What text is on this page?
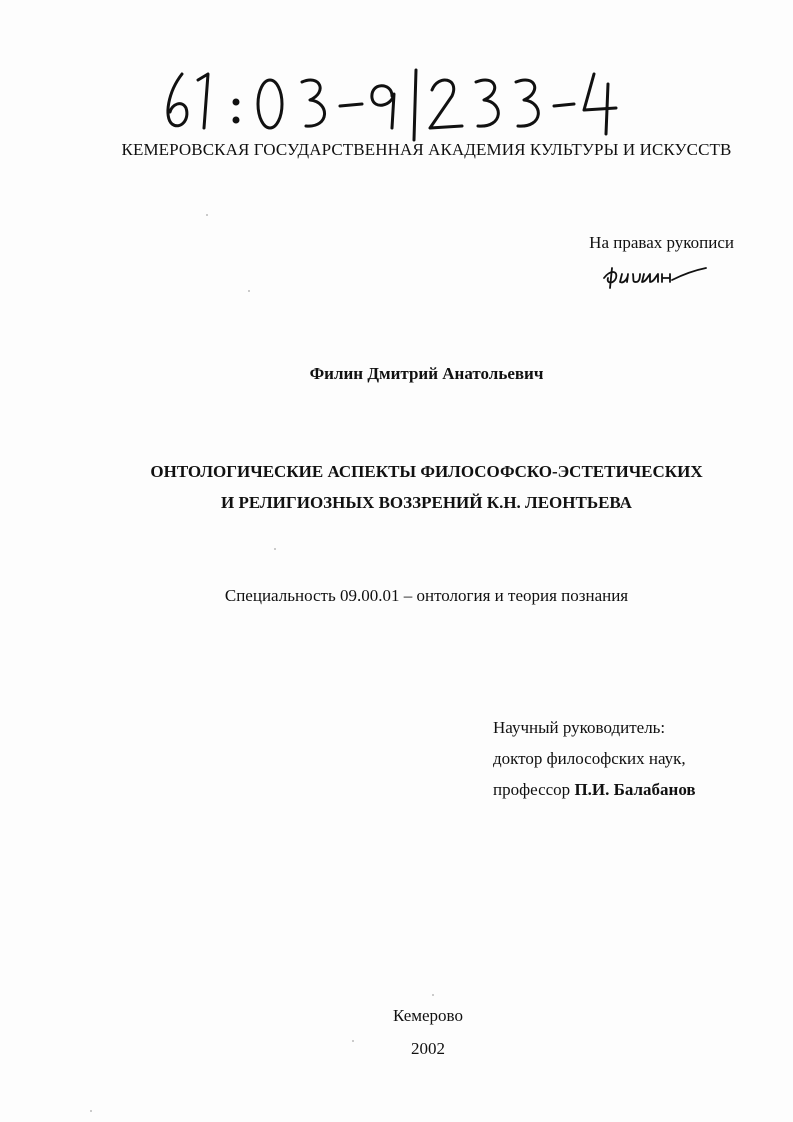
КЕМЕРОВСКАЯ ГОСУДАРСТВЕННАЯ АКАДЕМИЯ КУЛЬТУРЫ И ИСКУССТВ
На правах рукописи
Филин Дмитрий Анатольевич
ОНТОЛОГИЧЕСКИЕ АСПЕКТЫ ФИЛОСОФСКО-ЭСТЕТИЧЕСКИХ
И РЕЛИГИОЗНЫХ ВОЗЗРЕНИЙ К.Н. ЛЕОНТЬЕВА
Специальность 09.00.01 – онтология и теория познания
Научный руководитель:
доктор философских наук,
профессор П.И. Балабанов
Кемерово
2002
